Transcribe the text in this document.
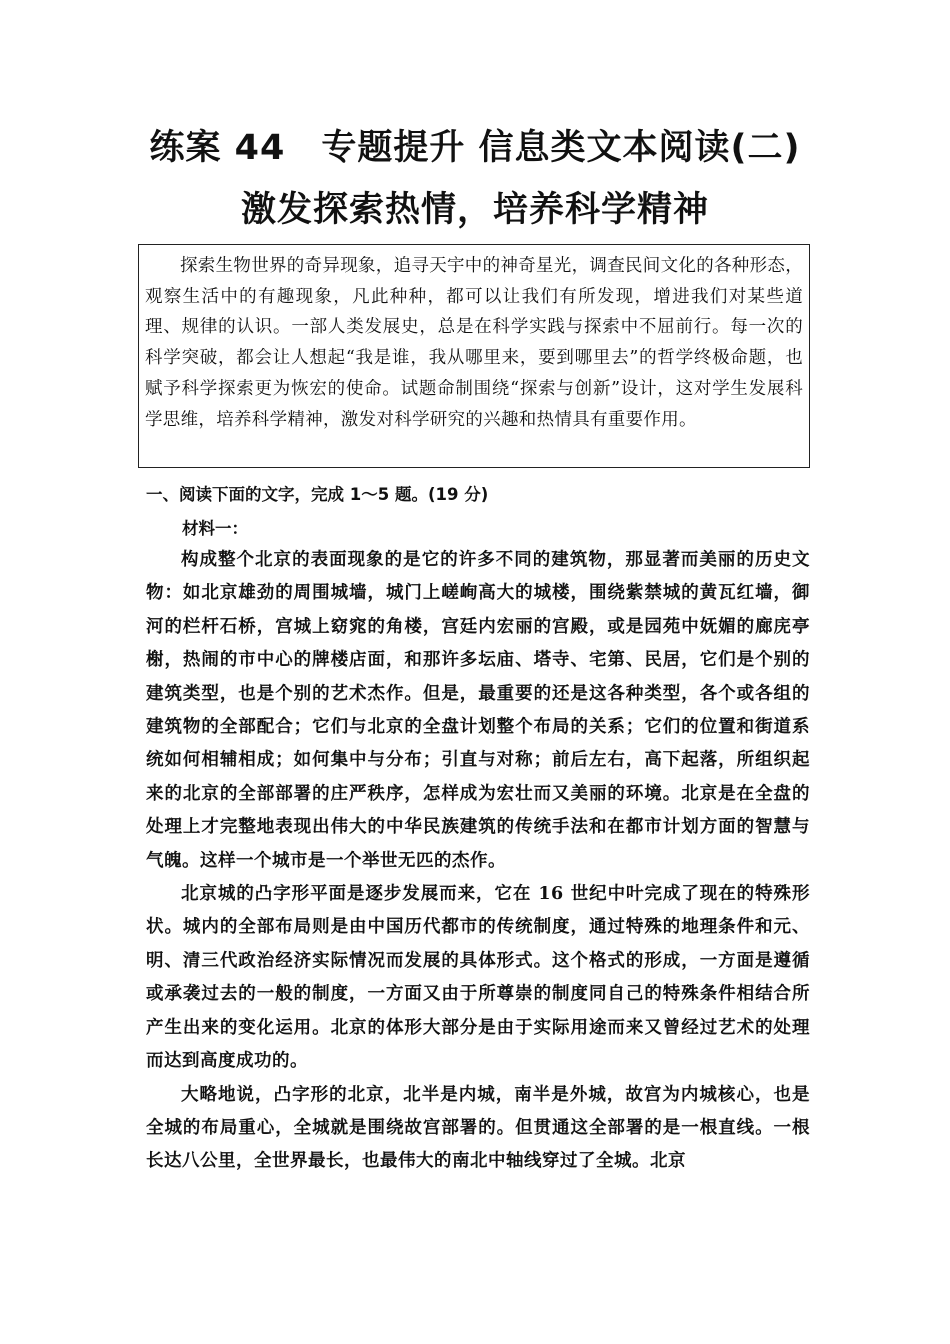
练案 44　专题提升 信息类文本阅读(二)
激发探索热情，培养科学精神

探索生物世界的奇异现象，追寻天宇中的神奇星光，调查民间文化的各种形态，观察生活中的有趣现象，凡此种种，都可以让我们有所发现，增进我们对某些道理、规律的认识。一部人类发展史，总是在科学实践与探索中不屈前行。每一次的科学突破，都会让人想起“我是谁，我从哪里来，要到哪里去”的哲学终极命题，也赋予科学探索更为恢宏的使命。试题命制围绕“探索与创新”设计，这对学生发展科学思维，培养科学精神，激发对科学研究的兴趣和热情具有重要作用。

一、阅读下面的文字，完成 1～5 题。(19 分)

材料一：

构成整个北京的表面现象的是它的许多不同的建筑物，那显著而美丽的历史文物：如北京雄劲的周围城墙，城门上嵯峋高大的城楼，围绕紫禁城的黄瓦红墙，御河的栏杆石桥，宫城上窈窕的角楼，宫廷内宏丽的宫殿，或是园苑中妩媚的廊庑亭榭，热闹的市中心的牌楼店面，和那许多坛庙、塔寺、宅第、民居，它们是个别的建筑类型，也是个别的艺术杰作。但是，最重要的还是这各种类型，各个或各组的建筑物的全部配合；它们与北京的全盘计划整个布局的关系；它们的位置和街道系统如何相辅相成；如何集中与分布；引直与对称；前后左右，高下起落，所组织起来的北京的全部部署的庄严秩序，怎样成为宏壮而又美丽的环境。北京是在全盘的处理上才完整地表现出伟大的中华民族建筑的传统手法和在都市计划方面的智慧与气魄。这样一个城市是一个举世无匹的杰作。

北京城的凸字形平面是逐步发展而来，它在 16 世纪中叶完成了现在的特殊形状。城内的全部布局则是由中国历代都市的传统制度，通过特殊的地理条件和元、明、清三代政治经济实际情况而发展的具体形式。这个格式的形成，一方面是遵循或承袭过去的一般的制度，一方面又由于所尊崇的制度同自己的特殊条件相结合所产生出来的变化运用。北京的体形大部分是由于实际用途而来又曾经过艺术的处理而达到高度成功的。

大略地说，凸字形的北京，北半是内城，南半是外城，故宫为内城核心，也是全城的布局重心，全城就是围绕故宫部署的。但贯通这全部署的是一根直线。一根长达八公里，全世界最长，也最伟大的南北中轴线穿过了全城。北京
